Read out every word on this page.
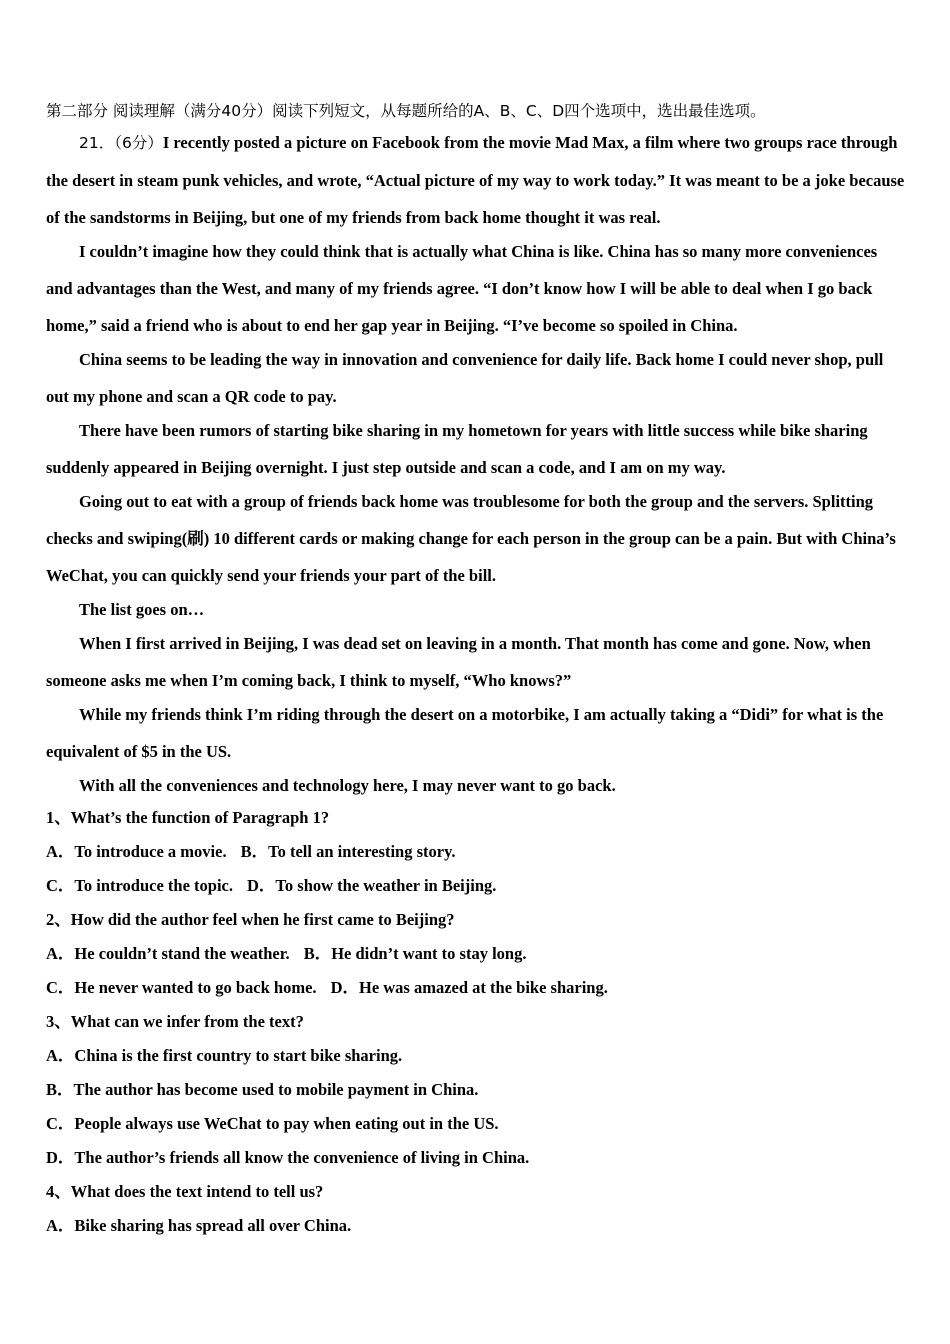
第二部分 阅读理解（满分40分）阅读下列短文，从每题所给的A、B、C、D四个选项中，选出最佳选项。

21．（6分）I recently posted a picture on Facebook from the movie Mad Max, a film where two groups race through the desert in steam punk vehicles, and wrote, “Actual picture of my way to work today.” It was meant to be a joke because of the sandstorms in Beijing, but one of my friends from back home thought it was real.

I couldn’t imagine how they could think that is actually what China is like. China has so many more conveniences and advantages than the West, and many of my friends agree. “I don’t know how I will be able to deal when I go back home,” said a friend who is about to end her gap year in Beijing. “I’ve become so spoiled in China.

China seems to be leading the way in innovation and convenience for daily life. Back home I could never shop, pull out my phone and scan a QR code to pay.

There have been rumors of starting bike sharing in my hometown for years with little success while bike sharing suddenly appeared in Beijing overnight. I just step outside and scan a code, and I am on my way.

Going out to eat with a group of friends back home was troublesome for both the group and the servers. Splitting checks and swiping(刷) 10 different cards or making change for each person in the group can be a pain. But with China’s WeChat, you can quickly send your friends your part of the bill.

The list goes on…

When I first arrived in Beijing, I was dead set on leaving in a month. That month has come and gone. Now, when someone asks me when I’m coming back, I think to myself, “Who knows?”

While my friends think I’m riding through the desert on a motorbike, I am actually taking a “Didi” for what is the equivalent of $5 in the US.

With all the conveniences and technology here, I may never want to go back.

1、What’s the function of Paragraph 1?
A．To introduce a movie. B．To tell an interesting story.
C．To introduce the topic. D．To show the weather in Beijing.
2、How did the author feel when he first came to Beijing?
A．He couldn’t stand the weather. B．He didn’t want to stay long.
C．He never wanted to go back home. D．He was amazed at the bike sharing.
3、What can we infer from the text?
A．China is the first country to start bike sharing.
B．The author has become used to mobile payment in China.
C．People always use WeChat to pay when eating out in the US.
D．The author’s friends all know the convenience of living in China.
4、What does the text intend to tell us?
A．Bike sharing has spread all over China.
